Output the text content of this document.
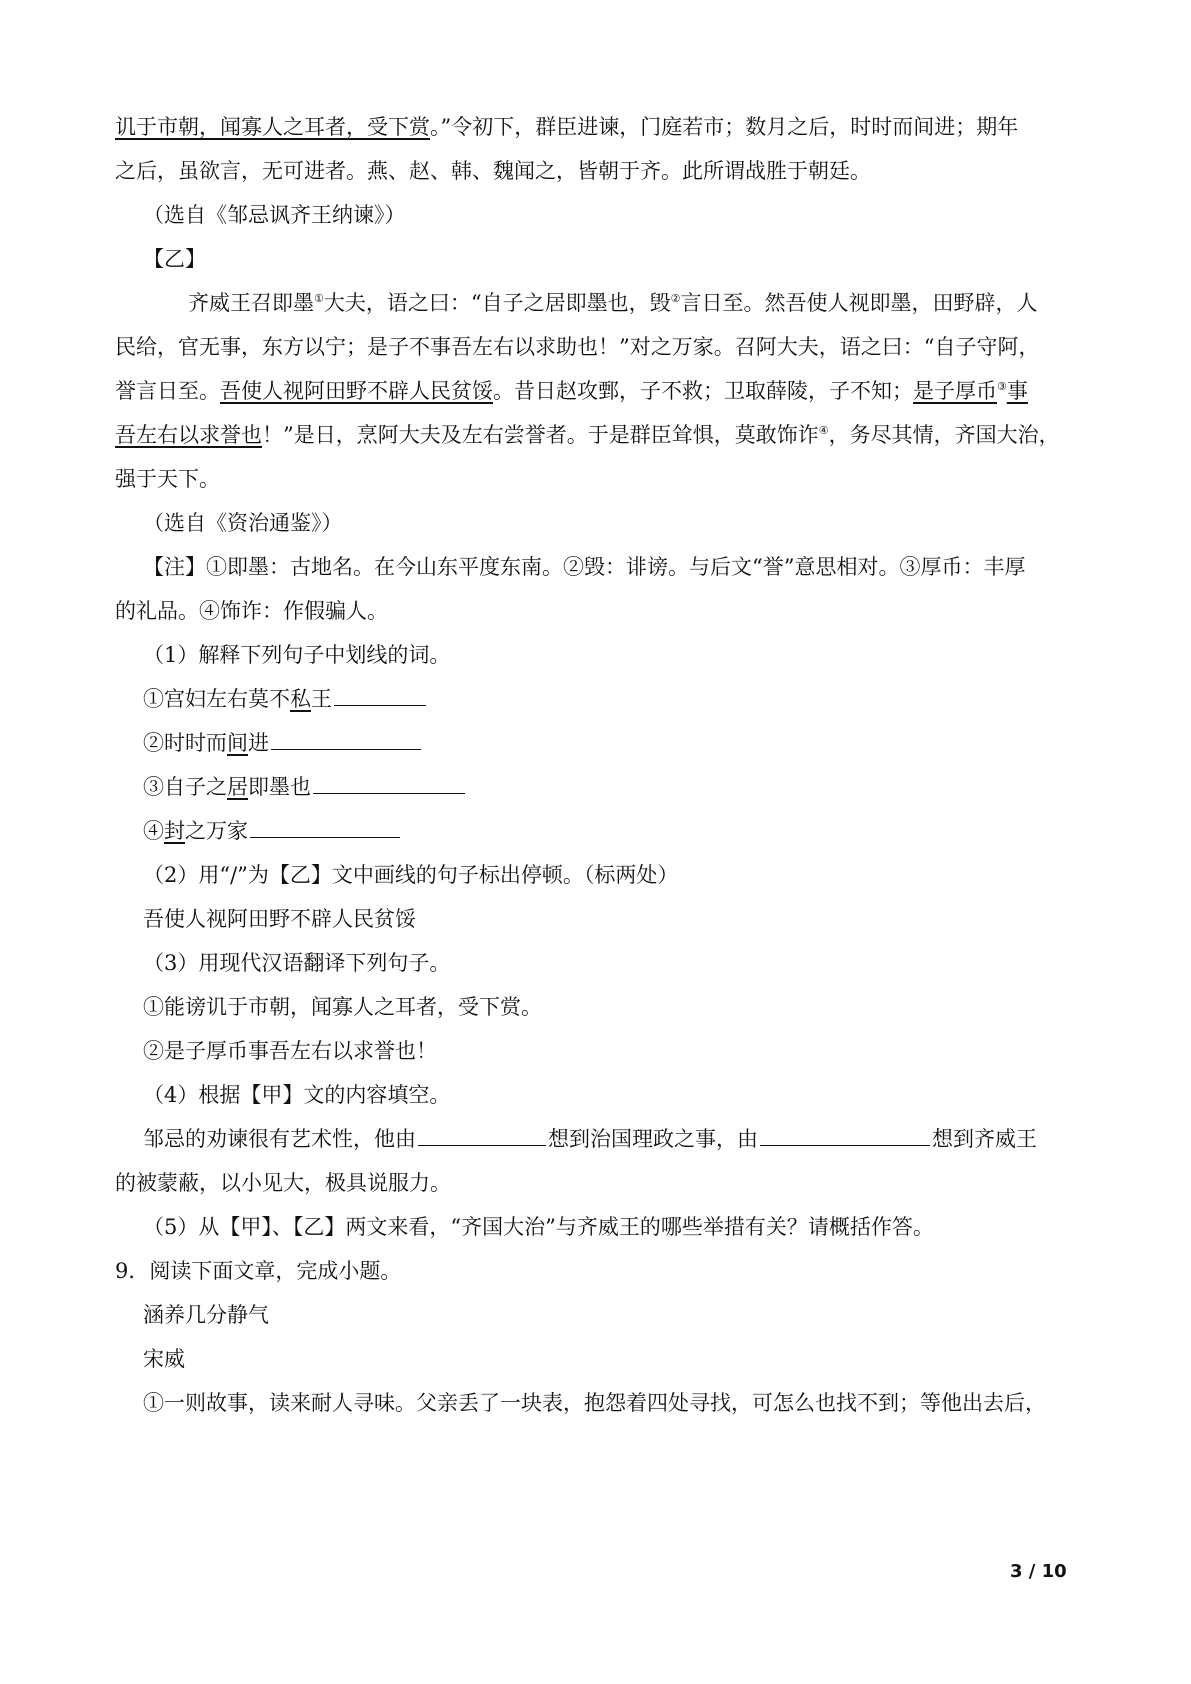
讥于市朝，闻寡人之耳者，受下赏。”令初下，群臣进谏，门庭若市；数月之后，时时而间进；期年
之后，虽欲言，无可进者。燕、赵、韩、魏闻之，皆朝于齐。此所谓战胜于朝廷。
（选自《邹忌讽齐王纳谏》）
【乙】
齐威王召即墨①大夫，语之曰：“自子之居即墨也，毁②言日至。然吾使人视即墨，田野辟，人
民给，官无事，东方以宁；是子不事吾左右以求助也！”对之万家。召阿大夫，语之曰：“自子守阿，
誉言日至。吾使人视阿田野不辟人民贫馁。昔日赵攻鄄，子不救；卫取薛陵，子不知；是子厚币③事
吾左右以求誉也！”是日，烹阿大夫及左右尝誉者。于是群臣耸惧，莫敢饰诈④，务尽其情，齐国大治，
强于天下。
（选自《资治通鉴》）
【注】①即墨：古地名。在今山东平度东南。②毁：诽谤。与后文“誉”意思相对。③厚币：丰厚
的礼品。④饰诈：作假骗人。
（1）解释下列句子中划线的词。
①宫妇左右莫不私王
②时时而间进
③自子之居即墨也
④封之万家
（2）用“/”为【乙】文中画线的句子标出停顿。（标两处）
吾使人视阿田野不辟人民贫馁
（3）用现代汉语翻译下列句子。
①能谤讥于市朝，闻寡人之耳者，受下赏。
②是子厚币事吾左右以求誉也！
（4）根据【甲】文的内容填空。
邹忌的劝谏很有艺术性，他由	想到治国理政之事，由	想到齐威王
的被蒙蔽，以小见大，极具说服力。
（5）从【甲】、【乙】两文来看，“齐国大治”与齐威王的哪些举措有关？请概括作答。
9．阅读下面文章，完成小题。
涵养几分静气
宋威
①一则故事，读来耐人寻味。父亲丢了一块表，抱怨着四处寻找，可怎么也找不到；等他出去后，
3 / 10
